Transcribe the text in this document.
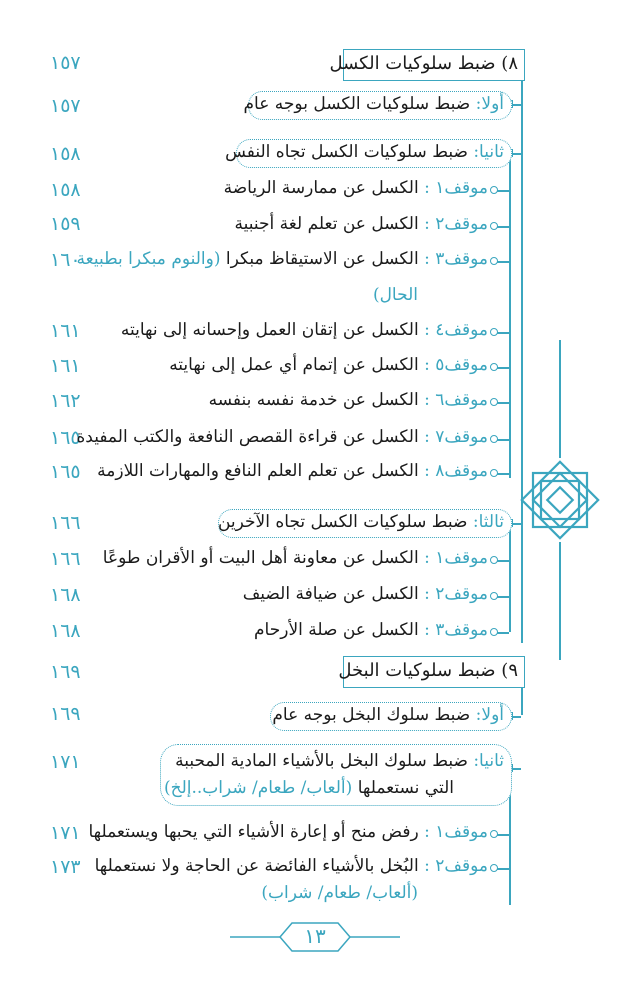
١٥٧
١٥٧
١٥٨
١٥٨
١٥٩
١٦٠
١٦١
١٦١
١٦٢
١٦٥
١٦٥
١٦٦
١٦٦
١٦٨
١٦٨
١٦٩
١٦٩
١٧١
١٧١
١٧٣
٨) ضبط سلوكيات الكسل
أولا: ضبط سلوكيات الكسل بوجه عام
ثانيا: ضبط سلوكيات الكسل تجاه النفس
موقف١ : الكسل عن ممارسة الرياضة
موقف٢ : الكسل عن تعلم لغة أجنبية
موقف٣ : الكسل عن الاستيقاظ مبكرا (والنوم مبكرا بطبيعة
الحال)
موقف٤ : الكسل عن إتقان العمل وإحسانه إلى نهايته
موقف٥ : الكسل عن إتمام أي عمل إلى نهايته
موقف٦ : الكسل عن خدمة نفسه بنفسه
موقف٧ : الكسل عن قراءة القصص النافعة والكتب المفيدة
موقف٨ : الكسل عن تعلم العلم النافع والمهارات اللازمة
ثالثا: ضبط سلوكيات الكسل تجاه الآخرين
موقف١ : الكسل عن معاونة أهل البيت أو الأقران طوعًا
موقف٢ : الكسل عن ضيافة الضيف
موقف٣ : الكسل عن صلة الأرحام
٩) ضبط سلوكيات البخل
أولا: ضبط سلوك البخل بوجه عام
ثانيا: ضبط سلوك البخل بالأشياء المادية المحببة
التي نستعملها (ألعاب/ طعام/ شراب..إلخ)
موقف١ : رفض منح أو إعارة الأشياء التي يحبها ويستعملها
موقف٢ : البُخل بالأشياء الفائضة عن الحاجة ولا نستعملها
(ألعاب/ طعام/ شراب)
١٣
